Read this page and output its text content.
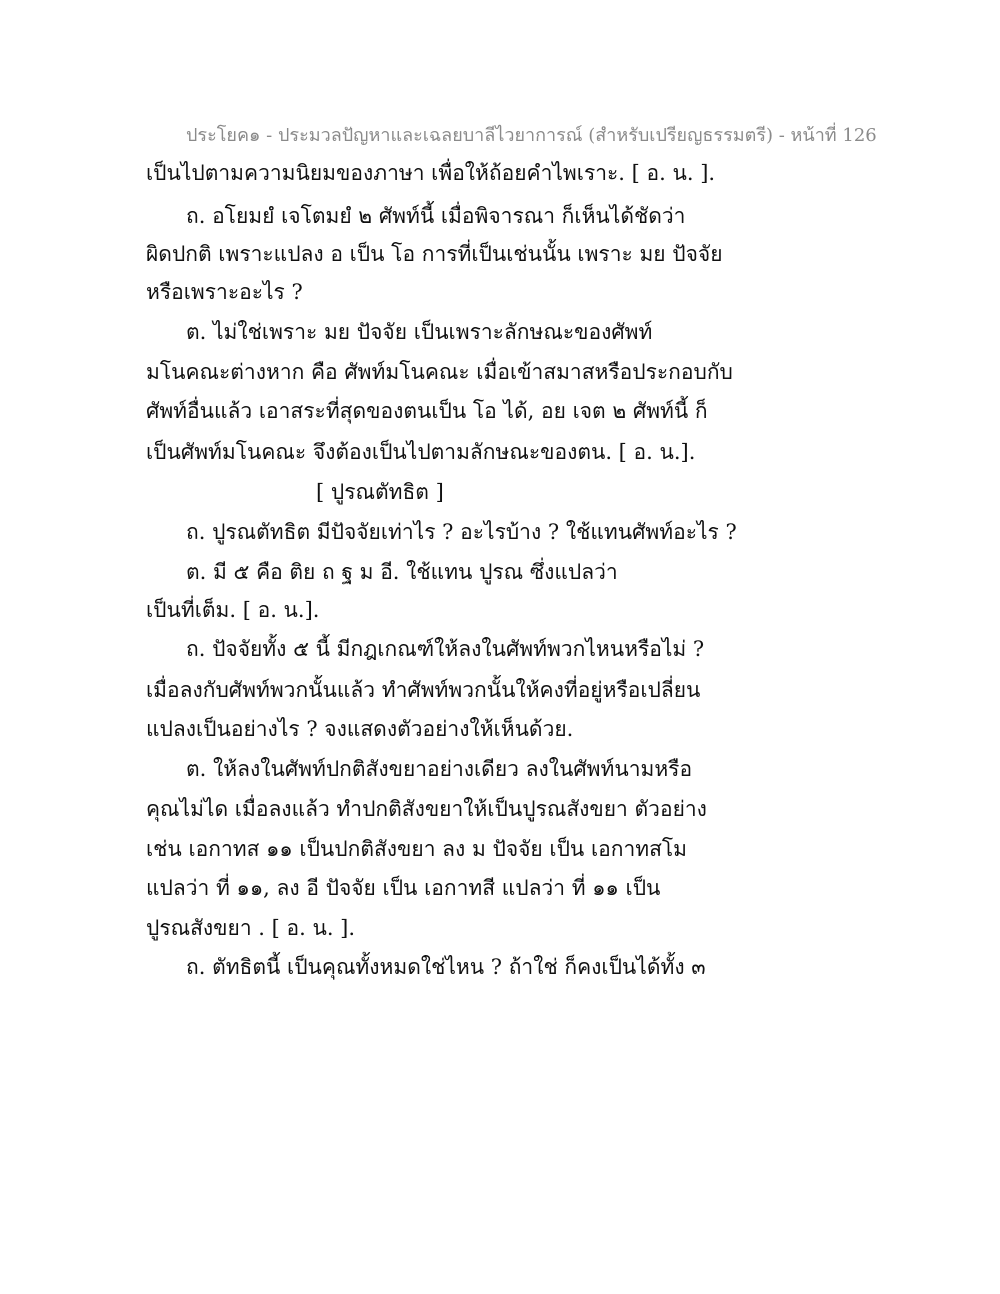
ประโยค๑ - ประมวลปัญหาและเฉลยบาลีไวยาการณ์ (สำหรับเปรียญธรรมตรี) - หน้าที่ 126
เป็นไปตามความนิยมของภาษา เพื่อให้ถ้อยคำไพเราะ. [ อ. น. ].
ถ. อโยมยํ เจโตมยํ ๒ ศัพท์นี้ เมื่อพิจารณา ก็เห็นได้ชัดว่า
ผิดปกติ เพราะแปลง อ เป็น โอ การที่เป็นเช่นนั้น เพราะ มย ปัจจัย
หรือเพราะอะไร ?
ต. ไม่ใช่เพราะ มย ปัจจัย เป็นเพราะลักษณะของศัพท์
มโนคณะต่างหาก คือ ศัพท์มโนคณะ เมื่อเข้าสมาสหรือประกอบกับ
ศัพท์อื่นแล้ว เอาสระที่สุดของตนเป็น โอ ได้, อย เจต ๒ ศัพท์นี้ ก็
เป็นศัพท์มโนคณะ จึงต้องเป็นไปตามลักษณะของตน. [ อ. น.].
[ ปูรณตัทธิต ]
ถ. ปูรณตัทธิต มีปัจจัยเท่าไร ? อะไรบ้าง ? ใช้แทนศัพท์อะไร ?
ต. มี ๕ คือ ติย ถ ฐ ม อี. ใช้แทน ปูรณ ซึ่งแปลว่า
เป็นที่เต็ม. [ อ. น.].
ถ. ปัจจัยทั้ง ๕ นี้ มีกฎเกณฑ์ให้ลงในศัพท์พวกไหนหรือไม่ ?
เมื่อลงกับศัพท์พวกนั้นแล้ว ทำศัพท์พวกนั้นให้คงที่อยู่หรือเปลี่ยน
แปลงเป็นอย่างไร ? จงแสดงตัวอย่างให้เห็นด้วย.
ต. ให้ลงในศัพท์ปกติสังขยาอย่างเดียว ลงในศัพท์นามหรือ
คุณไม่ได เมื่อลงแล้ว ทำปกติสังขยาให้เป็นปูรณสังขยา ตัวอย่าง
เช่น เอกาทส ๑๑ เป็นปกติสังขยา ลง ม ปัจจัย เป็น เอกาทสโม
แปลว่า ที่ ๑๑, ลง อี ปัจจัย เป็น เอกาทสี แปลว่า ที่ ๑๑ เป็น
ปูรณสังขยา . [ อ. น. ].
ถ. ตัทธิตนี้ เป็นคุณทั้งหมดใช่ไหน ? ถ้าใช่ ก็คงเป็นได้ทั้ง ๓
